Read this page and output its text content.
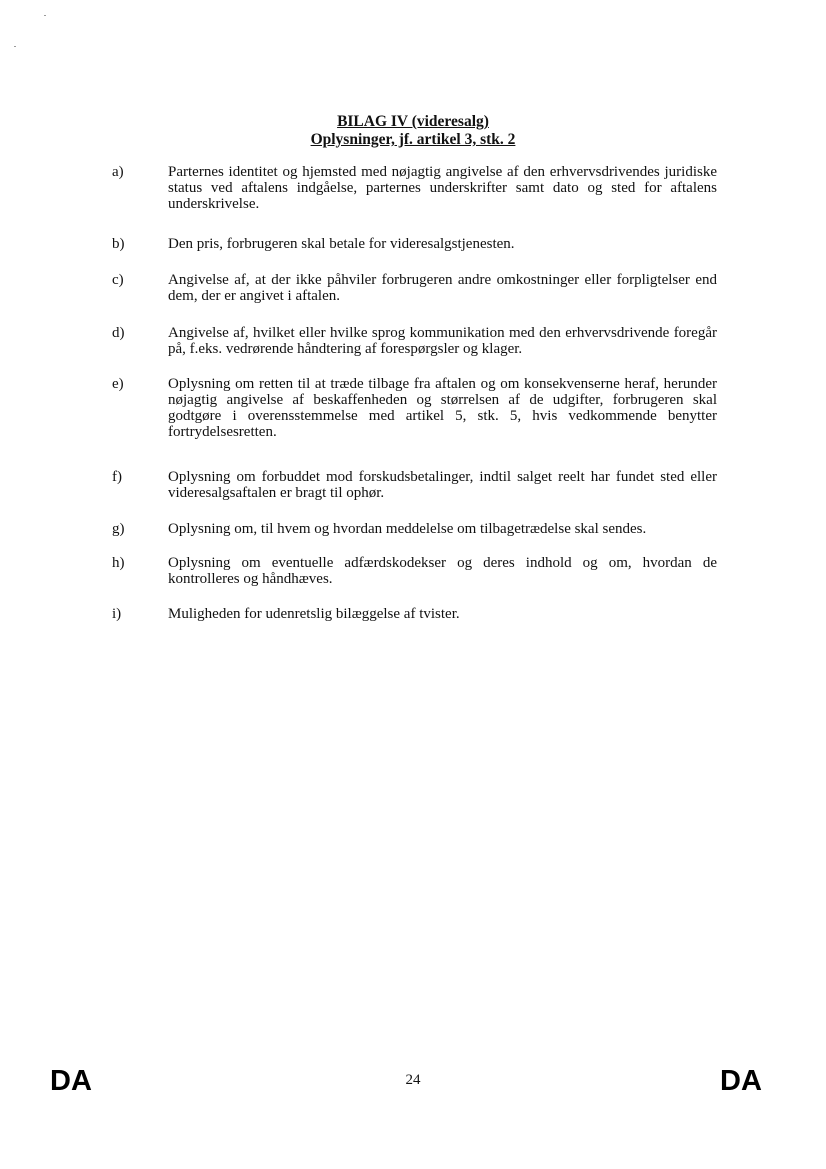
BILAG IV (videresalg)
Oplysninger, jf. artikel 3, stk. 2
a)	Parternes identitet og hjemsted med nøjagtig angivelse af den erhvervsdrivendes juridiske status ved aftalens indgåelse, parternes underskrifter samt dato og sted for aftalens underskrivelse.
b)	Den pris, forbrugeren skal betale for videresalgstjenesten.
c)	Angivelse af, at der ikke påhviler forbrugeren andre omkostninger eller forpligtelser end dem, der er angivet i aftalen.
d)	Angivelse af, hvilket eller hvilke sprog kommunikation med den erhvervsdrivende foregår på, f.eks. vedrørende håndtering af forespørgsler og klager.
e)	Oplysning om retten til at træde tilbage fra aftalen og om konsekvenserne heraf, herunder nøjagtig angivelse af beskaffenheden og størrelsen af de udgifter, forbrugeren skal godtgøre i overensstemmelse med artikel 5, stk. 5, hvis vedkommende benytter fortrydelsesretten.
f)	Oplysning om forbuddet mod forskudsbetalinger, indtil salget reelt har fundet sted eller videresalgsaftalen er bragt til ophør.
g)	Oplysning om, til hvem og hvordan meddelelse om tilbagetrædelse skal sendes.
h)	Oplysning om eventuelle adfærdskodekser og deres indhold og om, hvordan de kontrolleres og håndhæves.
i)	Muligheden for udenretslig bilæggelse af tvister.
DA	24	DA
